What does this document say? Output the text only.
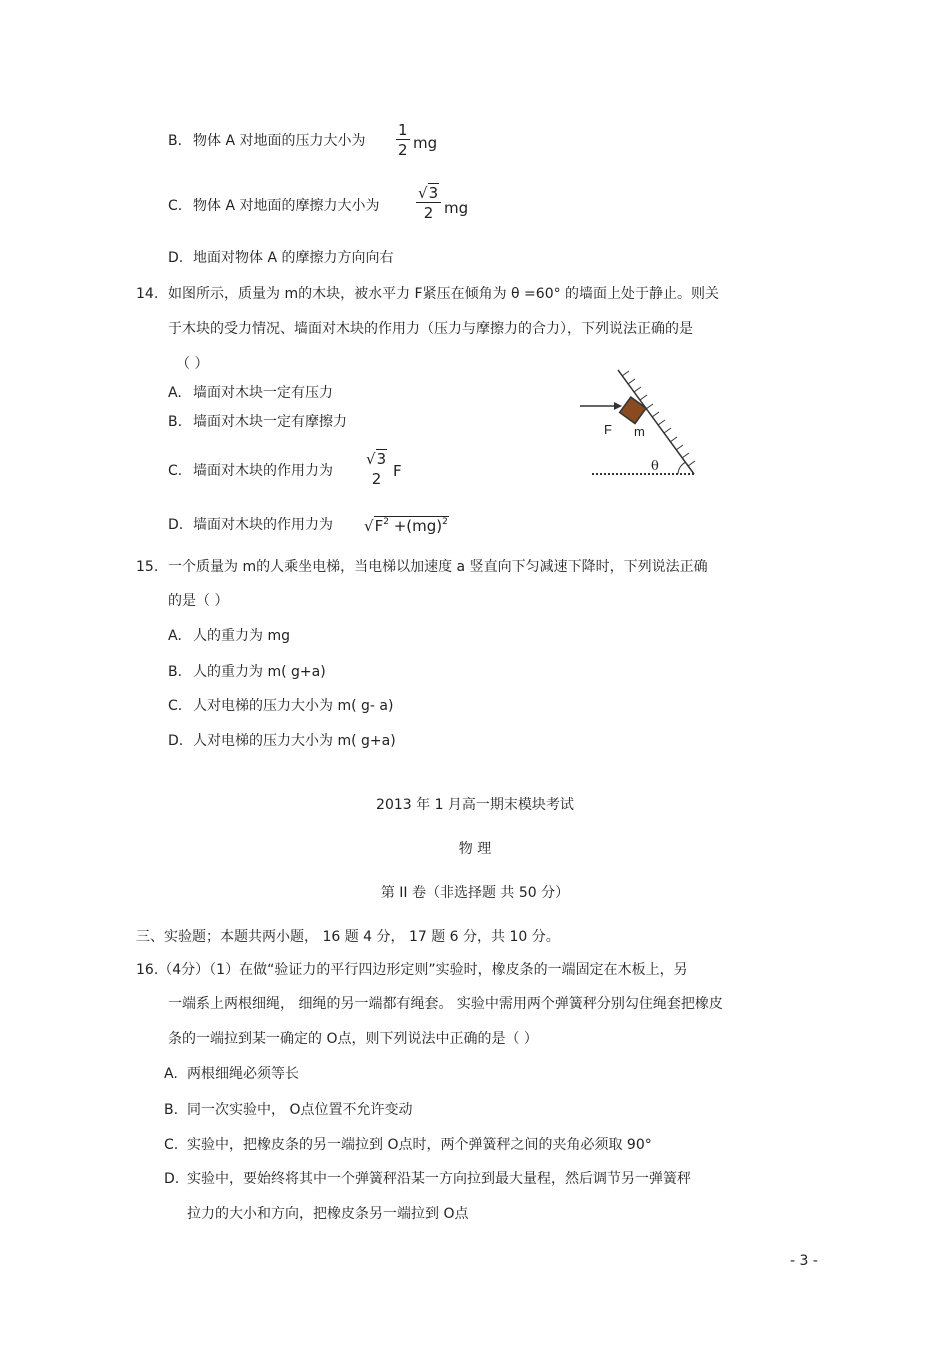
B. 物体 A 对地面的压力大小为
1
2 mg
C. 物体 A 对地面的摩擦力大小为
√3
2 mg
D. 地面对物体 A 的摩擦力方向向右
14. 如图所示，质量为 m的木块，被水平力 F紧压在倾角为 θ =60° 的墙面上处于静止。则关
于木块的受力情况、墙面对木块的作用力（压力与摩擦力的合力），下列说法正确的是
（ ）
A. 墙面对木块一定有压力
B. 墙面对木块一定有摩擦力
C. 墙面对木块的作用力为
√3
2 F
D. 墙面对木块的作用力为 $√F^2 +(mg)^2$
F m
θ
15. 一个质量为 m的人乘坐电梯，当电梯以加速度 a 竖直向下匀减速下降时，下列说法正确
的是（ ）
A. 人的重力为 mg
B. 人的重力为 m( g+a)
C. 人对电梯的压力大小为 m( g- a)
D. 人对电梯的压力大小为 m( g+a)
2013 年 1 月高一期末模块考试
物 理
第 II 卷（非选择题 共 50 分）
三、实验题；本题共两小题， 16 题 4 分， 17 题 6 分，共 10 分。
16.（4分）（1）在做“验证力的平行四边形定则”实验时，橡皮条的一端固定在木板上，另
一端系上两根细绳， 细绳的另一端都有绳套。 实验中需用两个弹簧秤分别勾住绳套把橡皮
条的一端拉到某一确定的 O点，则下列说法中正确的是（ ）
A. 两根细绳必须等长
B. 同一次实验中， O点位置不允许变动
C. 实验中，把橡皮条的另一端拉到 O点时，两个弹簧秤之间的夹角必须取 90°
D. 实验中，要始终将其中一个弹簧秤沿某一方向拉到最大量程，然后调节另一弹簧秤
拉力的大小和方向，把橡皮条另一端拉到 O点
- 3 -
